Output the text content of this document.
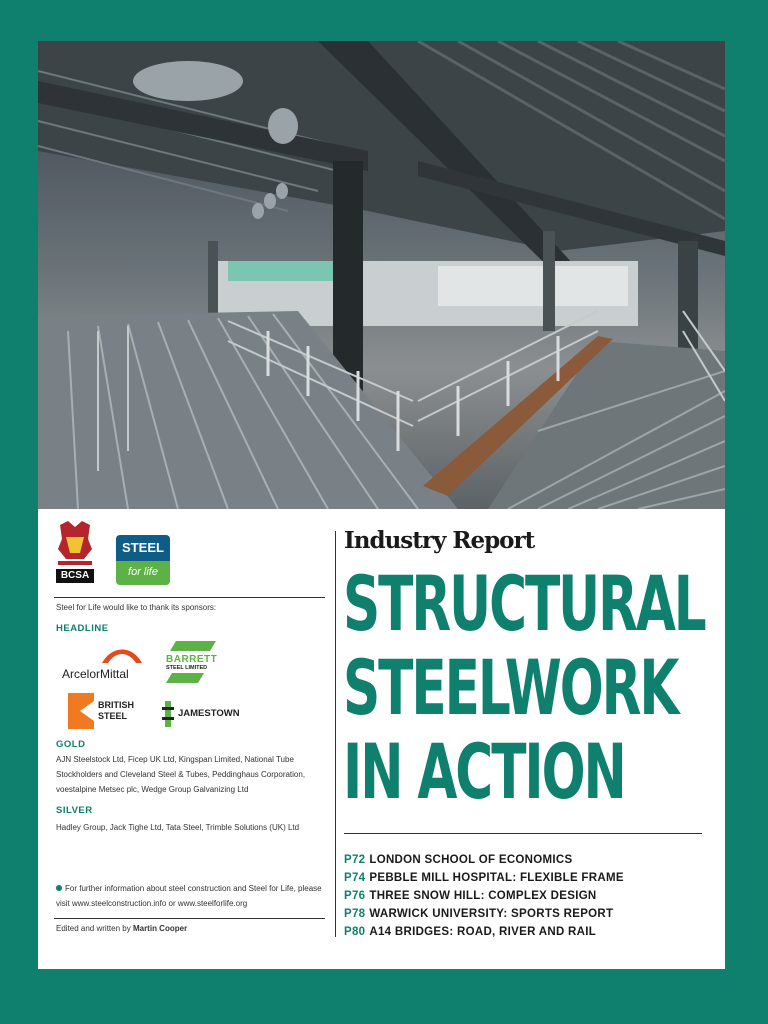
BCSA
STEEL
for life
Steel for Life would like to thank its sponsors:
HEADLINE
ArcelorMittal
BARRETT
STEEL LIMITED
BRITISH
STEEL	JAMESTOWN
GOLD
AJN Steelstock Ltd, Ficep UK Ltd, Kingspan Limited, National Tube Stockholders and Cleveland Steel & Tubes, Peddinghaus Corporation, voestalpine Metsec plc, Wedge Group Galvanizing Ltd
SILVER
Hadley Group, Jack Tighe Ltd, Tata Steel, Trimble Solutions (UK) Ltd
For further information about steel construction and Steel for Life, please visit www.steelconstruction.info or www.steelforlife.org
Edited and written by Martin Cooper
Industry Report
STRUCTURAL
STEELWORK
IN ACTION
P72 LONDON SCHOOL OF ECONOMICS
P74 PEBBLE MILL HOSPITAL: FLEXIBLE FRAME
P76 THREE SNOW HILL: COMPLEX DESIGN
P78 WARWICK UNIVERSITY: SPORTS REPORT
P80 A14 BRIDGES: ROAD, RIVER AND RAIL
